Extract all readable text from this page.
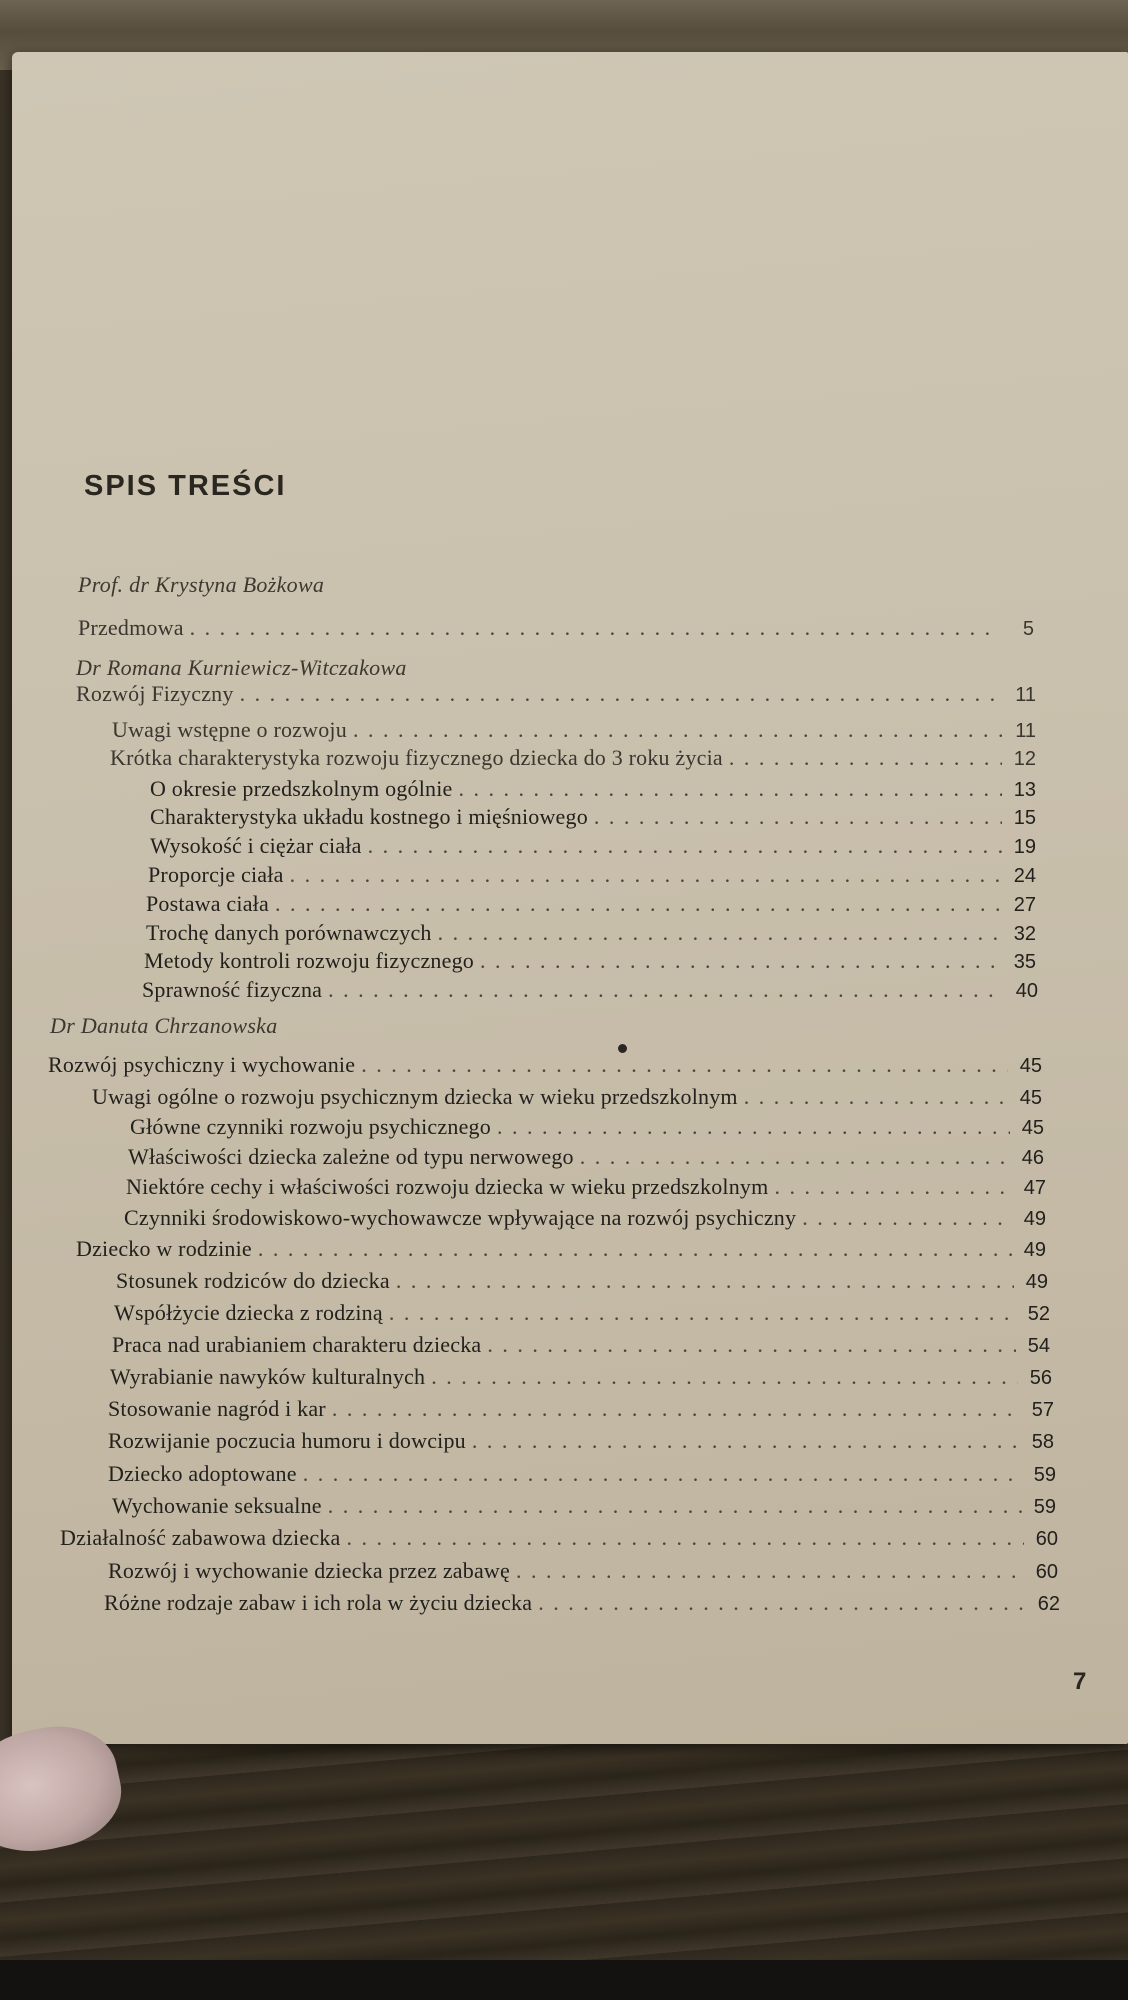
SPIS TREŚCI
Prof. dr Krystyna Bożkowa
Przedmowa . . .	5
Dr Romana Kurniewicz-Witczakowa
Rozwój Fizyczny . . .	11
Uwagi wstępne o rozwoju . . .	11
Krótka charakterystyka rozwoju fizycznego dziecka do 3 roku życia . . .	12
O okresie przedszkolnym ogólnie . . .	13
Charakterystyka układu kostnego i mięśniowego . . .	15
Wysokość i ciężar ciała . . .	19
Proporcje ciała . . .	24
Postawa ciała . . .	27
Trochę danych porównawczych . . .	32
Metody kontroli rozwoju fizycznego . . .	35
Sprawność fizyczna . . .	40
Dr Danuta Chrzanowska
Rozwój psychiczny i wychowanie . . .	45
Uwagi ogólne o rozwoju psychicznym dziecka w wieku przedszkolnym . . .	45
Główne czynniki rozwoju psychicznego . . .	45
Właściwości dziecka zależne od typu nerwowego . . .	46
Niektóre cechy i właściwości rozwoju dziecka w wieku przedszkolnym . . .	47
Czynniki środowiskowo-wychowawcze wpływające na rozwój psychiczny . . .	49
Dziecko w rodzinie . . .	49
Stosunek rodziców do dziecka . . .	49
Współżycie dziecka z rodziną . . .	52
Praca nad urabianiem charakteru dziecka . . .	54
Wyrabianie nawyków kulturalnych . . .	56
Stosowanie nagród i kar . . .	57
Rozwijanie poczucia humoru i dowcipu . . .	58
Dziecko adoptowane . . .	59
Wychowanie seksualne . . .	59
Działalność zabawowa dziecka . . .	60
Rozwój i wychowanie dziecka przez zabawę . . .	60
Różne rodzaje zabaw i ich rola w życiu dziecka . . .	62
7
